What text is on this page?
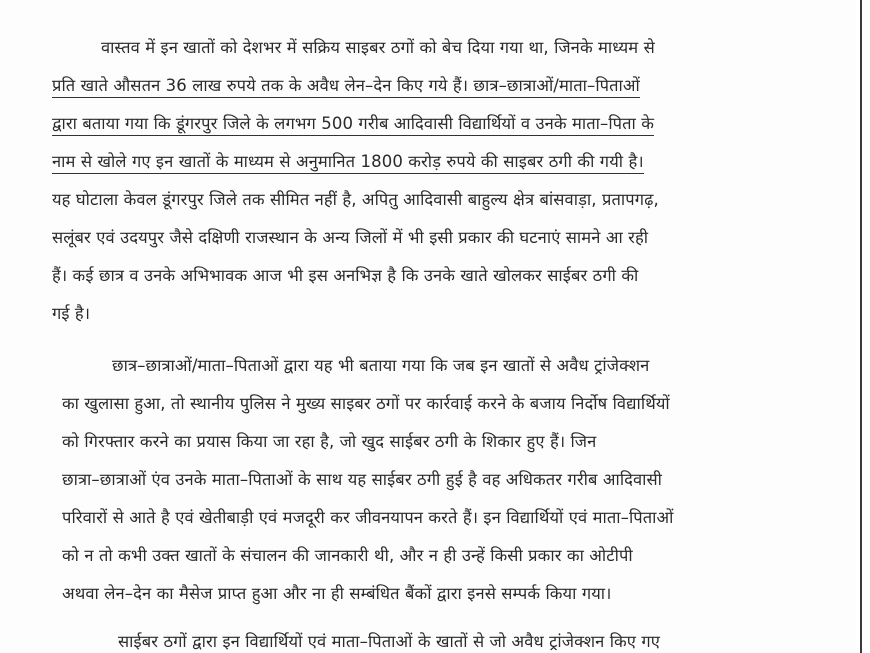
वास्तव में इन खातों को देशभर में सक्रिय साइबर ठगों को बेच दिया गया था, जिनके माध्यम से
प्रति खाते औसतन 36 लाख रुपये तक के अवैध लेन–देन किए गये हैं। छात्र–छात्राओं/माता–पिताओं
द्वारा बताया गया कि डूंगरपुर जिले के लगभग 500 गरीब आदिवासी विद्यार्थियों व उनके माता–पिता के
नाम से खोले गए इन खातों के माध्यम से अनुमानित 1800 करोड़ रुपये की साइबर ठगी की गयी है।
यह घोटाला केवल डूंगरपुर जिले तक सीमित नहीं है, अपितु आदिवासी बाहुल्य क्षेत्र बांसवाड़ा, प्रतापगढ़,
सलूंबर एवं उदयपुर जैसे दक्षिणी राजस्थान के अन्य जिलों में भी इसी प्रकार की घटनाएं सामने आ रही
हैं। कई छात्र व उनके अभिभावक आज भी इस अनभिज्ञ है कि उनके खाते खोलकर साईबर ठगी की
गई है।
छात्र–छात्राओं/माता–पिताओं द्वारा यह भी बताया गया कि जब इन खातों से अवैध ट्रांजेक्शन
का खुलासा हुआ, तो स्थानीय पुलिस ने मुख्य साइबर ठगों पर कार्रवाई करने के बजाय निर्दोष विद्यार्थियों
को गिरफ्तार करने का प्रयास किया जा रहा है, जो खुद साईबर ठगी के शिकार हुए हैं। जिन
छात्रा–छात्राओं एंव उनके माता–पिताओं के साथ यह साईबर ठगी हुई है वह अधिकतर गरीब आदिवासी
परिवारों से आते है एवं खेतीबाड़ी एवं मजदूरी कर जीवनयापन करते हैं। इन विद्यार्थियों एवं माता–पिताओं
को न तो कभी उक्त खातों के संचालन की जानकारी थी, और न ही उन्हें किसी प्रकार का ओटीपी
अथवा लेन–देन का मैसेज प्राप्त हुआ और ना ही सम्बंधित बैंकों द्वारा इनसे सम्पर्क किया गया।
साईबर ठगों द्वारा इन विद्यार्थियों एवं माता–पिताओं के खातों से जो अवैध ट्रांजेक्शन किए गए
